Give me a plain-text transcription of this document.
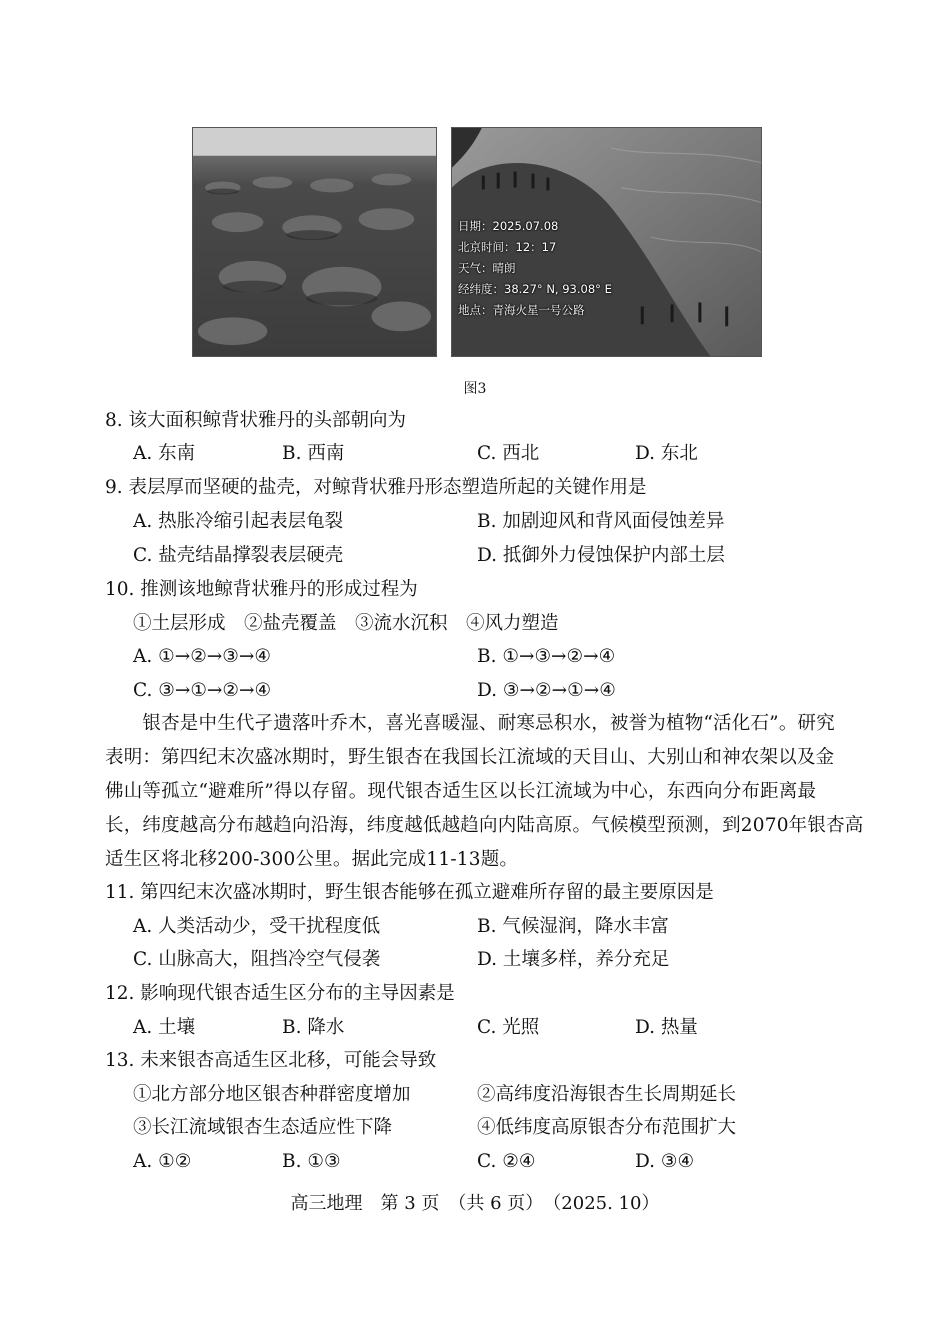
日期：2025.07.08
北京时间：12：17
天气：晴朗
经纬度：38.27° N, 93.08° E
地点：青海火星一号公路
图3
8. 该大面积鲸背状雅丹的头部朝向为
A. 东南	B. 西南	C. 西北	D. 东北
9. 表层厚而坚硬的盐壳，对鲸背状雅丹形态塑造所起的关键作用是
A. 热胀冷缩引起表层龟裂	B. 加剧迎风和背风面侵蚀差异
C. 盐壳结晶撑裂表层硬壳	D. 抵御外力侵蚀保护内部土层
10. 推测该地鲸背状雅丹的形成过程为
①土层形成　②盐壳覆盖　③流水沉积　④风力塑造
A. ①→②→③→④	B. ①→③→②→④
C. ③→①→②→④	D. ③→②→①→④
　　银杏是中生代孑遗落叶乔木，喜光喜暖湿、耐寒忌积水，被誉为植物“活化石”。研究
表明：第四纪末次盛冰期时，野生银杏在我国长江流域的天目山、大别山和神农架以及金
佛山等孤立“避难所”得以存留。现代银杏适生区以长江流域为中心，东西向分布距离最
长，纬度越高分布越趋向沿海，纬度越低越趋向内陆高原。气候模型预测，到2070年银杏高
适生区将北移200-300公里。据此完成11-13题。
11. 第四纪末次盛冰期时，野生银杏能够在孤立避难所存留的最主要原因是
A. 人类活动少，受干扰程度低	B. 气候湿润，降水丰富
C. 山脉高大，阻挡冷空气侵袭	D. 土壤多样，养分充足
12. 影响现代银杏适生区分布的主导因素是
A. 土壤	B. 降水	C. 光照	D. 热量
13. 未来银杏高适生区北移，可能会导致
①北方部分地区银杏种群密度增加	②高纬度沿海银杏生长周期延长
③长江流域银杏生态适应性下降	④低纬度高原银杏分布范围扩大
A. ①②	B. ①③	C. ②④	D. ③④
高三地理　第 3 页　（共 6 页）　（2025. 10）
